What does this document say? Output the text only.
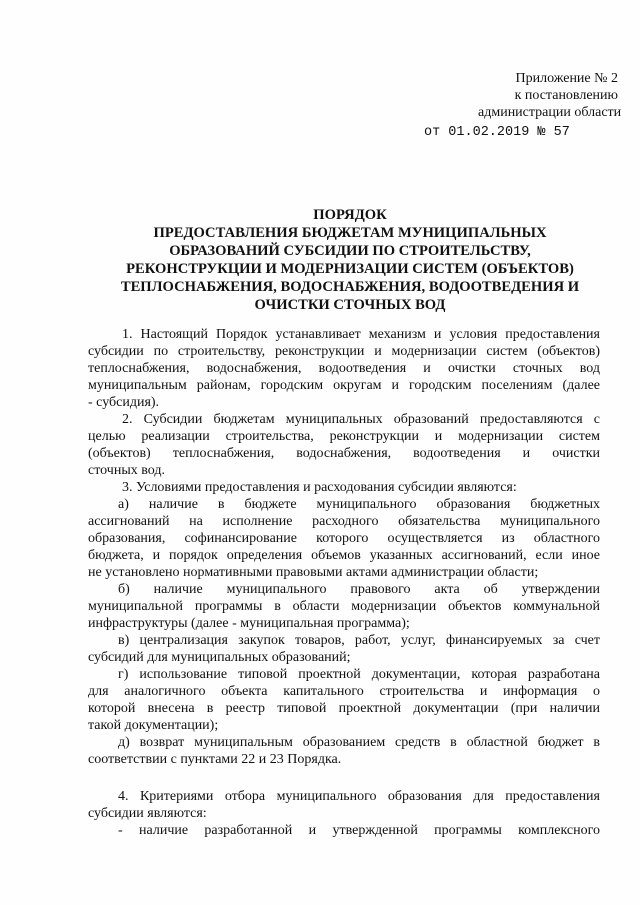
Приложение № 2
к постановлению
администрации области
от 01.02.2019 № 57
ПОРЯДОК
ПРЕДОСТАВЛЕНИЯ БЮДЖЕТАМ МУНИЦИПАЛЬНЫХ
ОБРАЗОВАНИЙ СУБСИДИИ ПО СТРОИТЕЛЬСТВУ,
РЕКОНСТРУКЦИИ И МОДЕРНИЗАЦИИ СИСТЕМ (ОБЪЕКТОВ)
ТЕПЛОСНАБЖЕНИЯ, ВОДОСНАБЖЕНИЯ, ВОДООТВЕДЕНИЯ И
ОЧИСТКИ СТОЧНЫХ ВОД
1. Настоящий Порядок устанавливает механизм и условия предоставления
субсидии по строительству, реконструкции и модернизации систем (объектов)
теплоснабжения, водоснабжения, водоотведения и очистки сточных вод
муниципальным районам, городским округам и городским поселениям (далее
- субсидия).
2. Субсидии бюджетам муниципальных образований предоставляются с
целью реализации строительства, реконструкции и модернизации систем
(объектов) теплоснабжения, водоснабжения, водоотведения и очистки
сточных вод.
3. Условиями предоставления и расходования субсидии являются:
а) наличие в бюджете муниципального образования бюджетных
ассигнований на исполнение расходного обязательства муниципального
образования, софинансирование которого осуществляется из областного
бюджета, и порядок определения объемов указанных ассигнований, если иное
не установлено нормативными правовыми актами администрации области;
б) наличие муниципального правового акта об утверждении
муниципальной программы в области модернизации объектов коммунальной
инфраструктуры (далее - муниципальная программа);
в) централизация закупок товаров, работ, услуг, финансируемых за счет
субсидий для муниципальных образований;
г) использование типовой проектной документации, которая разработана
для аналогичного объекта капитального строительства и информация о
которой внесена в реестр типовой проектной документации (при наличии
такой документации);
д) возврат муниципальным образованием средств в областной бюджет в
соответствии с пунктами 22 и 23 Порядка.
4. Критериями отбора муниципального образования для предоставления
субсидии являются:
- наличие разработанной и утвержденной программы комплексного
